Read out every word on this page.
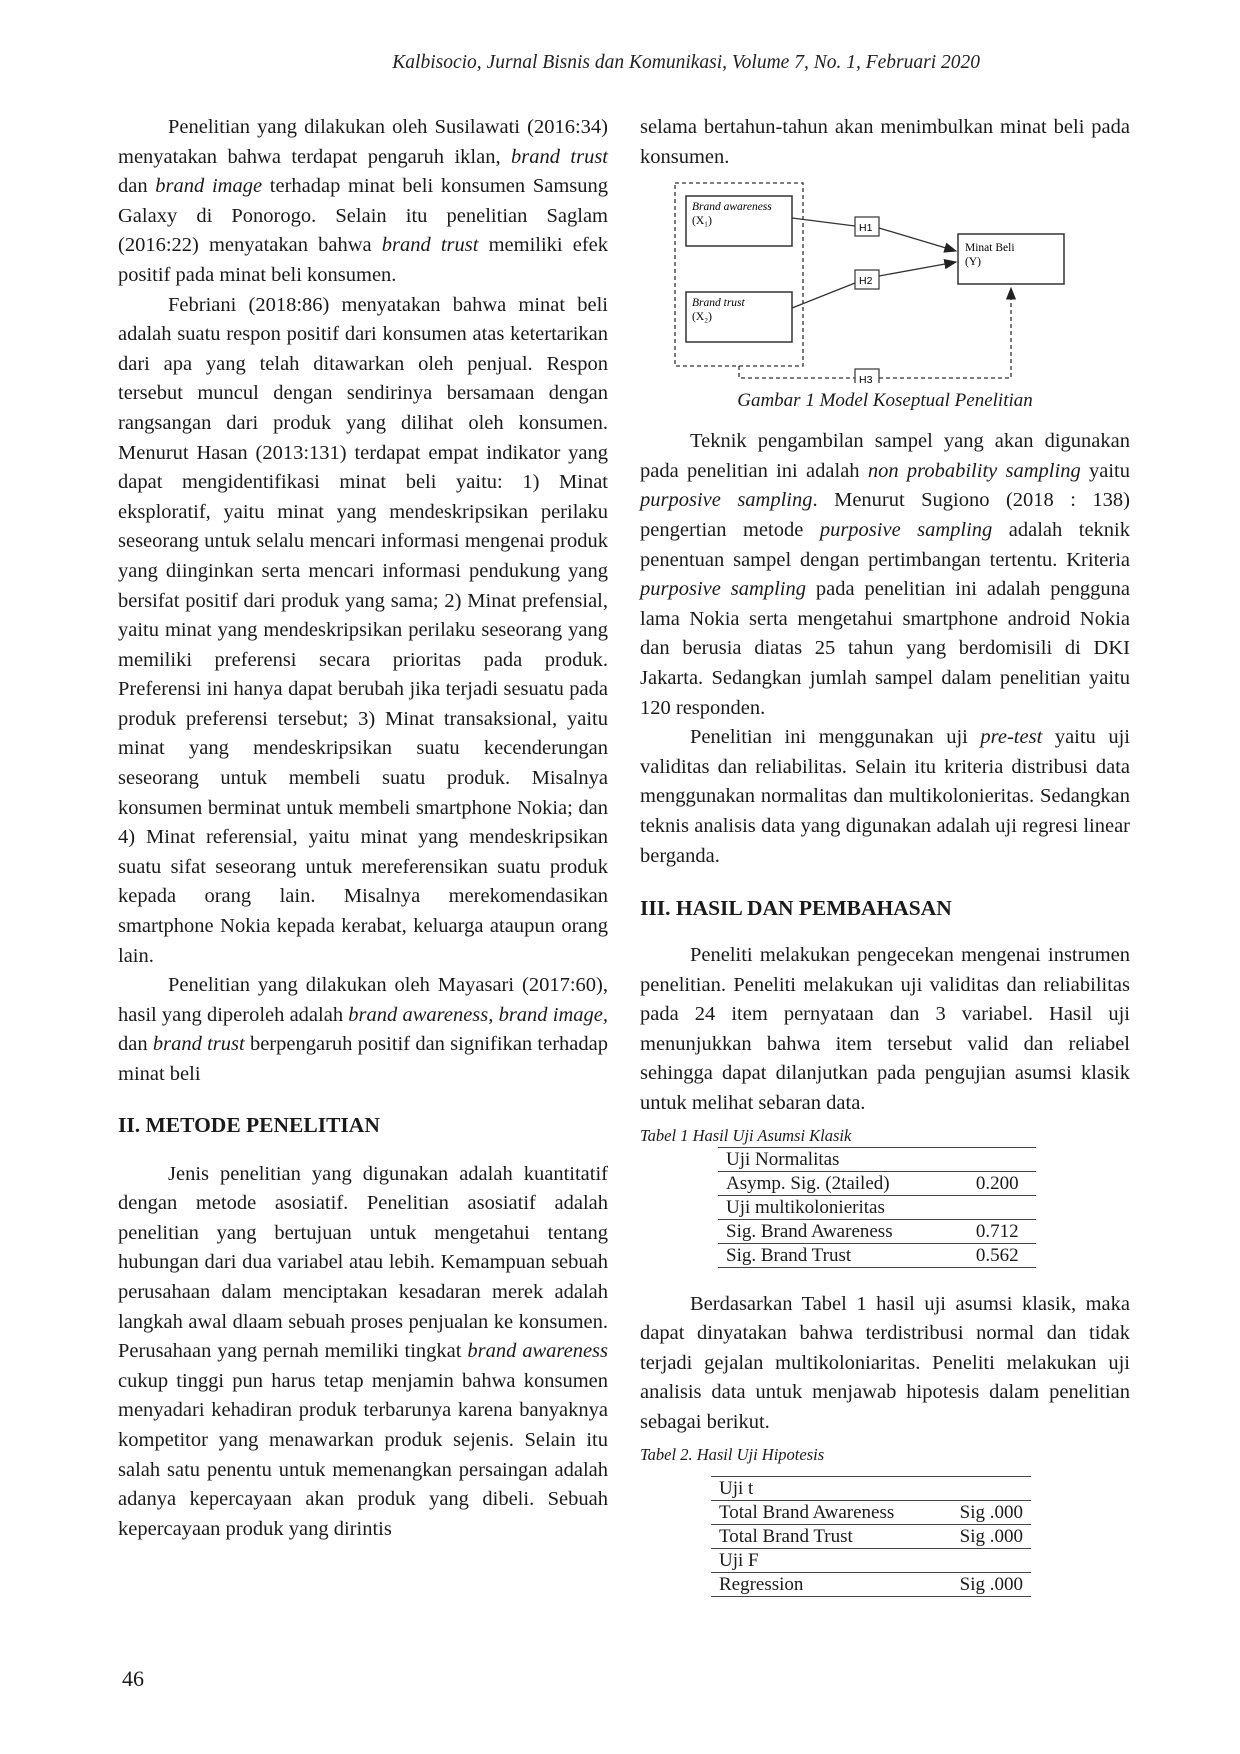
Kalbisocio, Jurnal Bisnis dan Komunikasi, Volume 7, No. 1, Februari 2020

Penelitian yang dilakukan oleh Susilawati (2016:34) menyatakan bahwa terdapat pengaruh iklan, brand trust dan brand image terhadap minat beli konsumen Samsung Galaxy di Ponorogo. Selain itu penelitian Saglam (2016:22) menyatakan bahwa brand trust memiliki efek positif pada minat beli konsumen.

Febriani (2018:86) menyatakan bahwa minat beli adalah suatu respon positif dari konsumen atas ketertarikan dari apa yang telah ditawarkan oleh penjual. Respon tersebut muncul dengan sendirinya bersamaan dengan rangsangan dari produk yang dilihat oleh konsumen. Menurut Hasan (2013:131) terdapat empat indikator yang dapat mengidentifikasi minat beli yaitu: 1) Minat eksploratif, yaitu minat yang mendeskripsikan perilaku seseorang untuk selalu mencari informasi mengenai produk yang diinginkan serta mencari informasi pendukung yang bersifat positif dari produk yang sama; 2) Minat prefensial, yaitu minat yang mendeskripsikan perilaku seseorang yang memiliki preferensi secara prioritas pada produk. Preferensi ini hanya dapat berubah jika terjadi sesuatu pada produk preferensi tersebut; 3) Minat transaksional, yaitu minat yang mendeskripsikan suatu kecenderungan seseorang untuk membeli suatu produk. Misalnya konsumen berminat untuk membeli smartphone Nokia; dan 4) Minat referensial, yaitu minat yang mendeskripsikan suatu sifat seseorang untuk mereferensikan suatu produk kepada orang lain. Misalnya merekomendasikan smartphone Nokia kepada kerabat, keluarga ataupun orang lain.

Penelitian yang dilakukan oleh Mayasari (2017:60), hasil yang diperoleh adalah brand awareness, brand image, dan brand trust berpengaruh positif dan signifikan terhadap minat beli

II. METODE PENELITIAN

Jenis penelitian yang digunakan adalah kuantitatif dengan metode asosiatif. Penelitian asosiatif adalah penelitian yang bertujuan untuk mengetahui tentang hubungan dari dua variabel atau lebih. Kemampuan sebuah perusahaan dalam menciptakan kesadaran merek adalah langkah awal dlaam sebuah proses penjualan ke konsumen. Perusahaan yang pernah memiliki tingkat brand awareness cukup tinggi pun harus tetap menjamin bahwa konsumen menyadari kehadiran produk terbarunya karena banyaknya kompetitor yang menawarkan produk sejenis. Selain itu salah satu penentu untuk memenangkan persaingan adalah adanya kepercayaan akan produk yang dibeli. Sebuah kepercayaan produk yang dirintis

selama bertahun-tahun akan menimbulkan minat beli pada konsumen.

Brand awareness
(X₁)
Brand trust
(X₂)
Minat Beli
(Y)
H1
H2
H3
Gambar 1 Model Koseptual Penelitian

Teknik pengambilan sampel yang akan digunakan pada penelitian ini adalah non probability sampling yaitu purposive sampling. Menurut Sugiono (2018 : 138) pengertian metode purposive sampling adalah teknik penentuan sampel dengan pertimbangan tertentu. Kriteria purposive sampling pada penelitian ini adalah pengguna lama Nokia serta mengetahui smartphone android Nokia dan berusia diatas 25 tahun yang berdomisili di DKI Jakarta. Sedangkan jumlah sampel dalam penelitian yaitu 120 responden.

Penelitian ini menggunakan uji pre-test yaitu uji validitas dan reliabilitas. Selain itu kriteria distribusi data menggunakan normalitas dan multikolonieritas. Sedangkan teknis analisis data yang digunakan adalah uji regresi linear berganda.

III. HASIL DAN PEMBAHASAN

Peneliti melakukan pengecekan mengenai instrumen penelitian. Peneliti melakukan uji validitas dan reliabilitas pada 24 item pernyataan dan 3 variabel. Hasil uji menunjukkan bahwa item tersebut valid dan reliabel sehingga dapat dilanjutkan pada pengujian asumsi klasik untuk melihat sebaran data.

Tabel 1 Hasil Uji Asumsi Klasik
Uji Normalitas	
Asymp. Sig. (2tailed)	0.200
Uji multikolonieritas	
Sig. Brand Awareness	0.712
Sig. Brand Trust	0.562

Berdasarkan Tabel 1 hasil uji asumsi klasik, maka dapat dinyatakan bahwa terdistribusi normal dan tidak terjadi gejalan multikoloniaritas. Peneliti melakukan uji analisis data untuk menjawab hipotesis dalam penelitian sebagai berikut.

Tabel 2. Hasil Uji Hipotesis
Uji t	
Total Brand Awareness	Sig .000
Total Brand Trust	Sig .000
Uji F	
Regression	Sig .000
46
